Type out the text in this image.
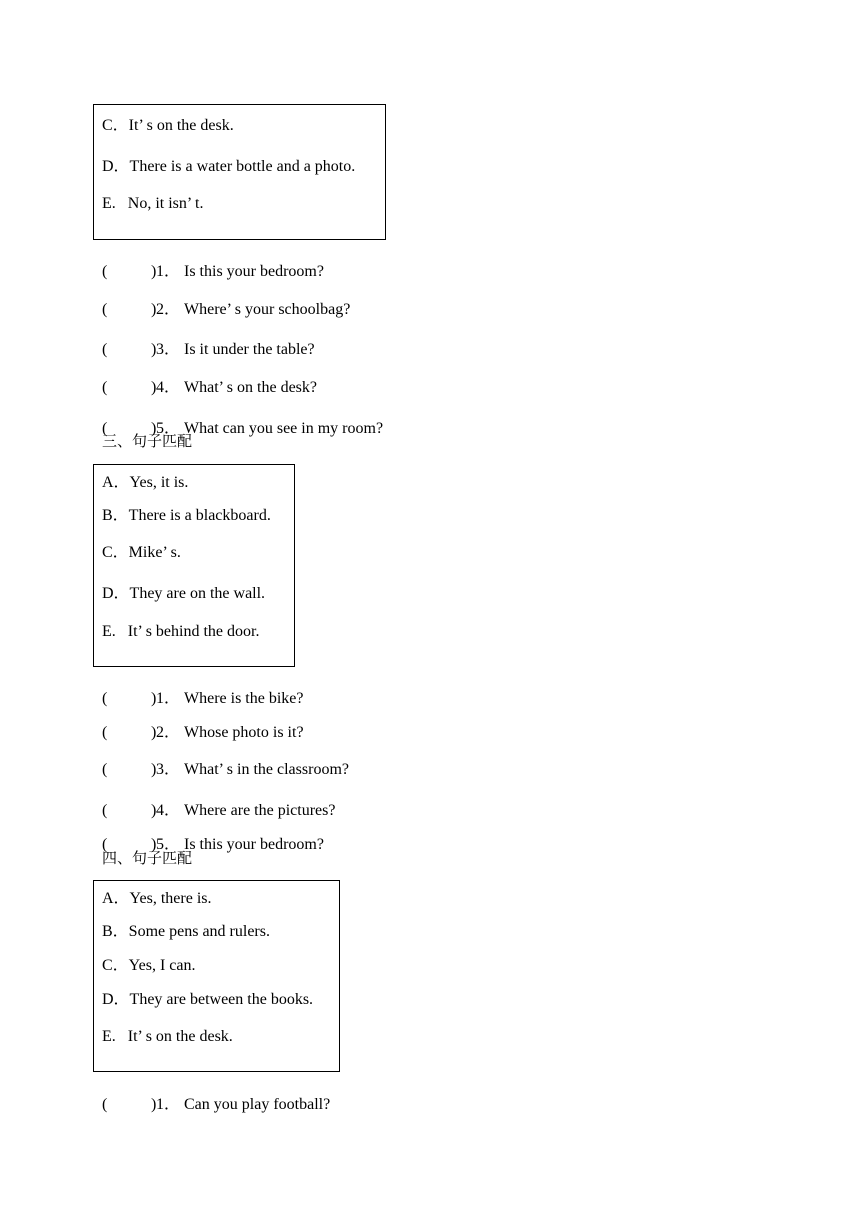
C．It’ s on the desk.
D．There is a water bottle and a photo.
E.   No, it isn’ t.

(	) 1． Is this your bedroom?

(	) 2． Where’ s your schoolbag?

(	) 3． Is it under the table?

(	) 4． What’ s on the desk?

(	) 5． What can you see in my room?

三、句子匹配
A．Yes, it is.
B．There is a blackboard.
C．Mike’ s.
D．They are on the wall.
E.   It’ s behind the door.

(	) 1． Where is the bike?

(	) 2． Whose photo is it?

(	) 3． What’ s in the classroom?

(	) 4． Where are the pictures?

(	) 5． Is this your bedroom?

四、句子匹配
A．Yes, there is.
B．Some pens and rulers.
C．Yes, I can.
D．They are between the books.
E.   It’ s on the desk.

(	) 1． Can you play football?
